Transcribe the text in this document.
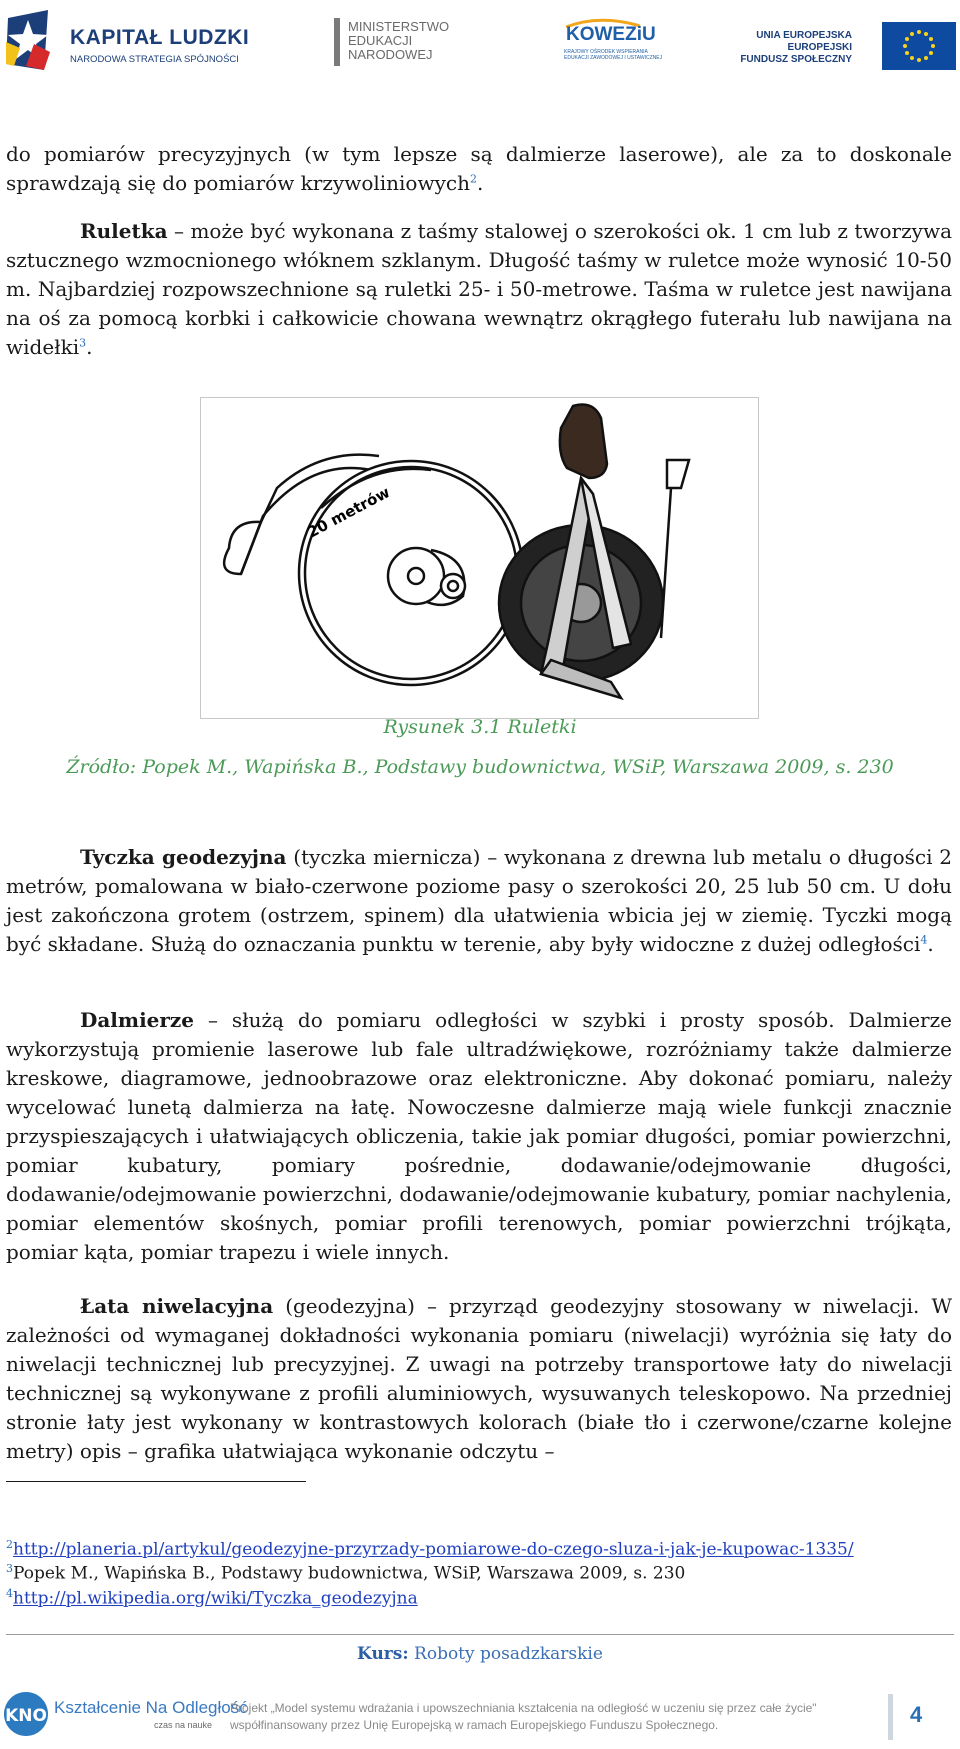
KAPITAŁ LUDZKI
NARODOWA STRATEGIA SPÓJNOŚCI
MINISTERSTWO
EDUKACJI
NARODOWEJ
KOWEZiU
KRAJOWY OŚRODEK WSPIERANIA
EDUKACJI ZAWODOWEJ I USTAWICZNEJ
UNIA EUROPEJSKA
EUROPEJSKI
FUNDUSZ SPOŁECZNY

do pomiarów precyzyjnych (w tym lepsze są dalmierze laserowe), ale za to doskonale sprawdzają się do pomiarów krzywoliniowych$^2$.

Ruletka – może być wykonana z taśmy stalowej o szerokości ok. 1 cm lub z tworzywa sztucznego wzmocnionego włóknem szklanym. Długość taśmy w ruletce może wynosić 10-50 m. Najbardziej rozpowszechnione są ruletki 25- i 50-metrowe. Taśma w ruletce jest nawijana na oś za pomocą korbki i całkowicie chowana wewnątrz okrągłego futerału lub nawijana na widełki$^3$.

20 metrów
Rysunek 3.1 Ruletki
Źródło: Popek M., Wapińska B., Podstawy budownictwa, WSiP, Warszawa 2009, s. 230

Tyczka geodezyjna (tyczka miernicza) – wykonana z drewna lub metalu o długości 2 metrów, pomalowana w biało-czerwone poziome pasy o szerokości 20, 25 lub 50 cm. U dołu jest zakończona grotem (ostrzem, spinem) dla ułatwienia wbicia jej w ziemię. Tyczki mogą być składane. Służą do oznaczania punktu w terenie, aby były widoczne z dużej odległości$^4$.

Dalmierze – służą do pomiaru odległości w szybki i prosty sposób. Dalmierze wykorzystują promienie laserowe lub fale ultradźwiękowe, rozróżniamy także dalmierze kreskowe, diagramowe, jednoobrazowe oraz elektroniczne. Aby dokonać pomiaru, należy wycelować lunetą dalmierza na łatę. Nowoczesne dalmierze mają wiele funkcji znacznie przyspieszających i ułatwiających obliczenia, takie jak pomiar długości, pomiar powierzchni, pomiar kubatury, pomiary pośrednie, dodawanie/odejmowanie długości, dodawanie/odejmowanie powierzchni, dodawanie/odejmowanie kubatury, pomiar nachylenia, pomiar elementów skośnych, pomiar profili terenowych, pomiar powierzchni trójkąta, pomiar kąta, pomiar trapezu i wiele innych.

Łata niwelacyjna (geodezyjna) – przyrząd geodezyjny stosowany w niwelacji. W zależności od wymaganej dokładności wykonania pomiaru (niwelacji) wyróżnia się łaty do niwelacji technicznej lub precyzyjnej. Z uwagi na potrzeby transportowe łaty do niwelacji technicznej są wykonywane z profili aluminiowych, wysuwanych teleskopowo. Na przedniej stronie łaty jest wykonany w kontrastowych kolorach (białe tło i czerwone/czarne kolejne metry) opis – grafika ułatwiająca wykonanie odczytu –

$^2$http://planeria.pl/artykul/geodezyjne-przyrzady-pomiarowe-do-czego-sluza-i-jak-je-kupowac-1335/
$^3$Popek M., Wapińska B., Podstawy budownictwa, WSiP, Warszawa 2009, s. 230
$^4$http://pl.wikipedia.org/wiki/Tyczka_geodezyjna
Kurs: Roboty posadzkarskie
KNO Kształcenie Na Odległość
czas na nauke
Projekt „Model systemu wdrażania i upowszechniania kształcenia na odległość w uczeniu się przez całe życie"
współfinansowany przez Unię Europejską w ramach Europejskiego Funduszu Społecznego.	4
